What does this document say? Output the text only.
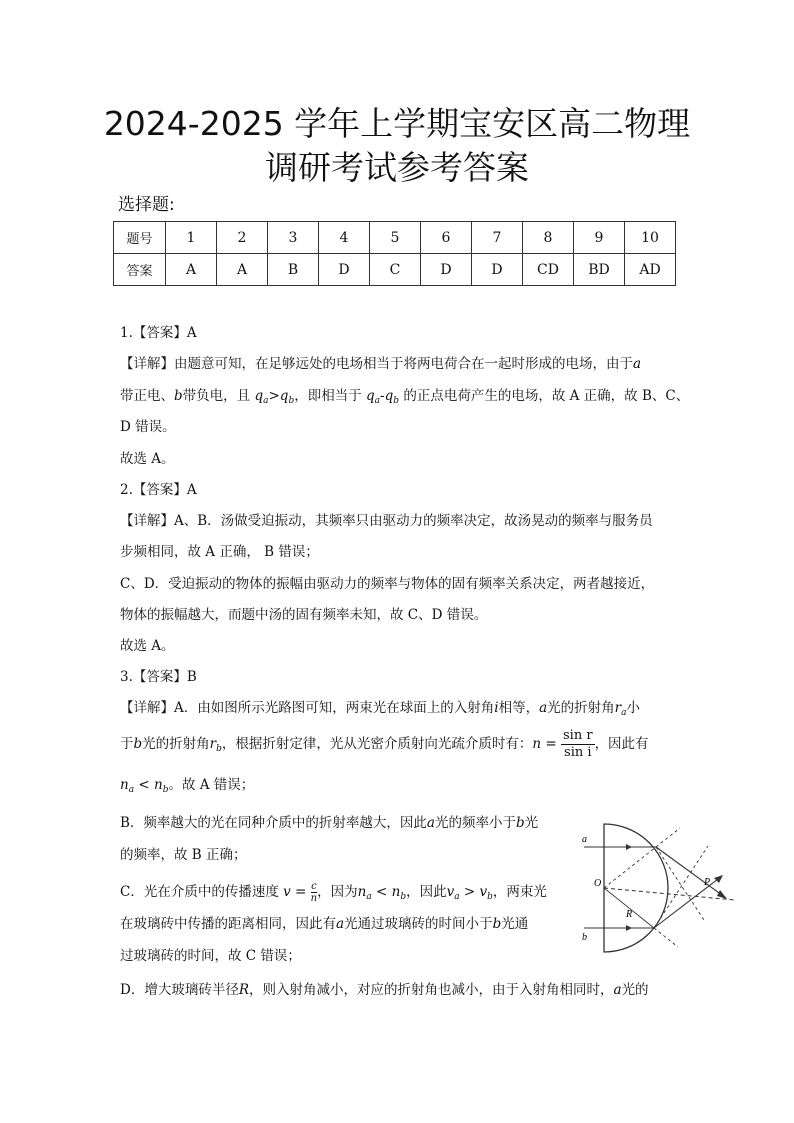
2024-2025 学年上学期宝安区高二物理
调研考试参考答案
选择题:
题号	1	2	3	4	5	6	7	8	9	10
答案	A	A	B	D	C	D	D	CD	BD	AD
1.【答案】A
【详解】由题意可知，在足够远处的电场相当于将两电荷合在一起时形成的电场，由于a
带正电、b带负电，且 $q_a>q_b$，即相当于 $q_a-q_b$ 的正点电荷产生的电场，故 A 正确，故 B、C、
D 错误。
故选 A。
2.【答案】A
【详解】A、B．汤做受迫振动，其频率只由驱动力的频率决定，故汤晃动的频率与服务员
步频相同，故 A 正确， B 错误；
C、D．受迫振动的物体的振幅由驱动力的频率与物体的固有频率关系决定，两者越接近，
物体的振幅越大，而题中汤的固有频率未知，故 C、D 错误。
故选 A。
3.【答案】B
【详解】A．由如图所示光路图可知，两束光在球面上的入射角i相等，a光的折射角$r_a$小
于b光的折射角$r_b$，根据折射定律，光从光密介质射向光疏介质时有：$n = \frac{\text{sin r}}{\text{sin i}}$ ，因此有
$n_a < n_b$。故 A 错误；
B．频率越大的光在同种介质中的折射率越大，因此a光的频率小于b光
的频率，故 B 正确；
C．光在介质中的传播速度 $v = \frac{c}{n}$ ，因为$n_a < n_b$，因此$v_a > v_b$，两束光
在玻璃砖中传播的距离相同，因此有a光通过玻璃砖的时间小于b光通
过玻璃砖的时间，故 C 错误；
D．增大玻璃砖半径R，则入射角减小，对应的折射角也减小，由于入射角相同时，a光的
a
b
O
R
P
